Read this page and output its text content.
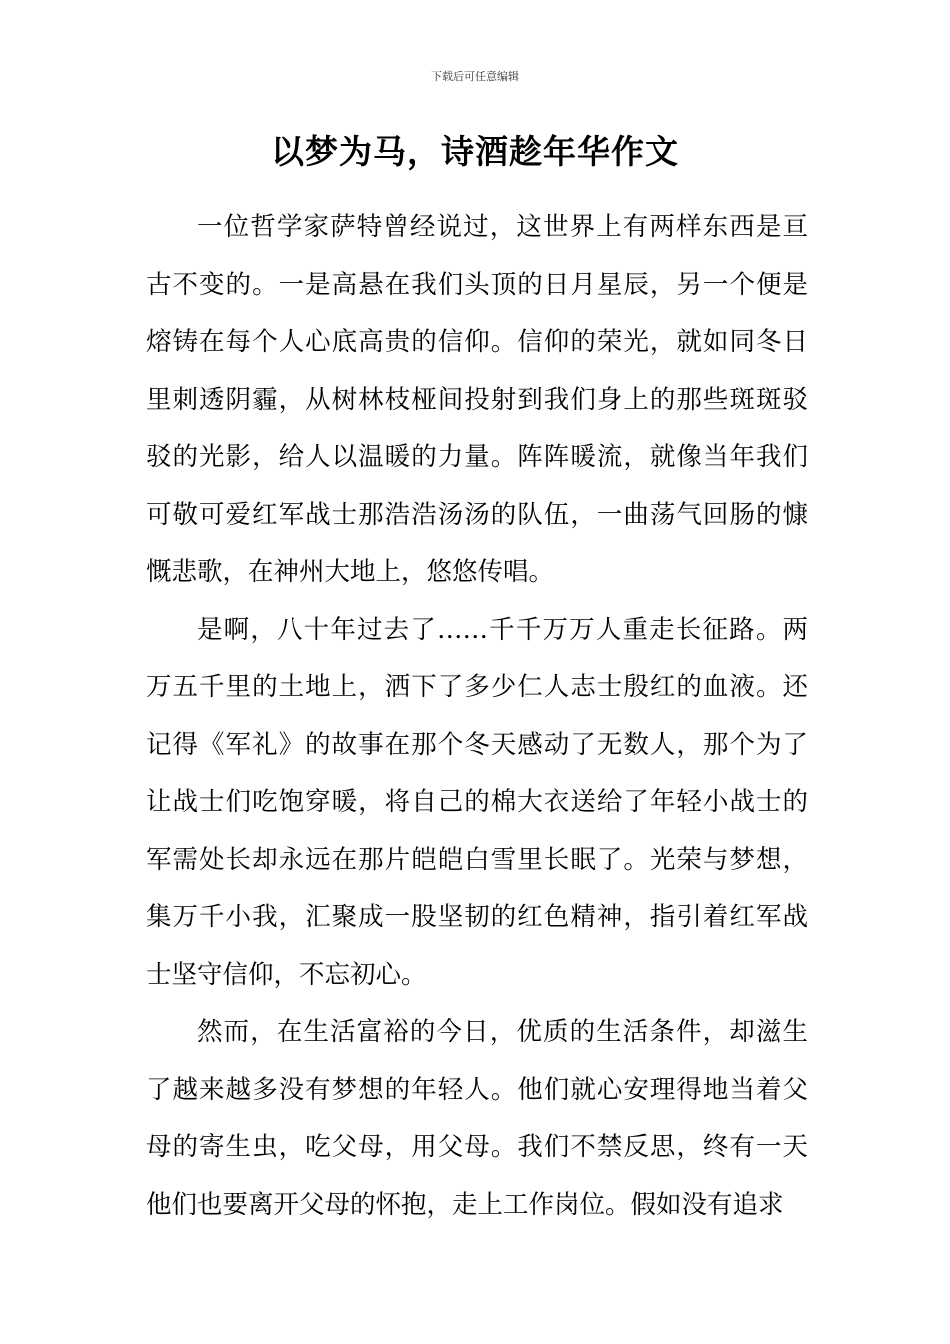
下载后可任意编辑
以梦为马，诗酒趁年华作文

一位哲学家萨特曾经说过，这世界上有两样东西是亘古不变的。一是高悬在我们头顶的日月星辰，另一个便是熔铸在每个人心底高贵的信仰。信仰的荣光，就如同冬日里刺透阴霾，从树林枝桠间投射到我们身上的那些斑斑驳驳的光影，给人以温暖的力量。阵阵暖流，就像当年我们可敬可爱红军战士那浩浩汤汤的队伍，一曲荡气回肠的慷慨悲歌，在神州大地上，悠悠传唱。

是啊，八十年过去了……千千万万人重走长征路。两万五千里的土地上，洒下了多少仁人志士殷红的血液。还记得《军礼》的故事在那个冬天感动了无数人，那个为了让战士们吃饱穿暖，将自己的棉大衣送给了年轻小战士的军需处长却永远在那片皑皑白雪里长眠了。光荣与梦想，集万千小我，汇聚成一股坚韧的红色精神，指引着红军战士坚守信仰，不忘初心。

然而，在生活富裕的今日，优质的生活条件，却滋生了越来越多没有梦想的年轻人。他们就心安理得地当着父母的寄生虫，吃父母，用父母。我们不禁反思，终有一天他们也要离开父母的怀抱，走上工作岗位。假如没有追求
